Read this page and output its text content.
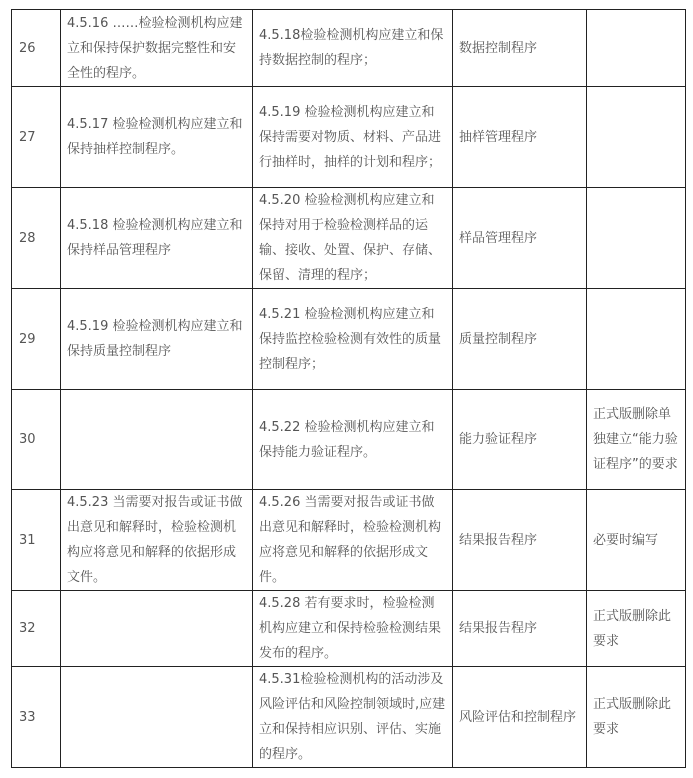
26	4.5.16 ……检验检测机构应建立和保持保护数据完整性和安全性的程序。	4.5.18检验检测机构应建立和保持数据控制的程序；	数据控制程序	
27	4.5.17 检验检测机构应建立和保持抽样控制程序。	4.5.19 检验检测机构应建立和保持需要对物质、材料、产品进行抽样时，抽样的计划和程序；	抽样管理程序	
28	4.5.18 检验检测机构应建立和保持样品管理程序	4.5.20 检验检测机构应建立和保持对用于检验检测样品的运输、接收、处置、保护、存储、保留、清理的程序；	样品管理程序	
29	4.5.19 检验检测机构应建立和保持质量控制程序	4.5.21 检验检测机构应建立和保持监控检验检测有效性的质量控制程序；	质量控制程序	
30		4.5.22 检验检测机构应建立和保持能力验证程序。	能力验证程序	正式版删除单独建立“能力验证程序”的要求
31	4.5.23 当需要对报告或证书做出意见和解释时，检验检测机构应将意见和解释的依据形成文件。	4.5.26 当需要对报告或证书做出意见和解释时，检验检测机构应将意见和解释的依据形成文件。	结果报告程序	必要时编写
32		4.5.28 若有要求时，检验检测机构应建立和保持检验检测结果发布的程序。	结果报告程序	正式版删除此要求
33		4.5.31检验检测机构的活动涉及风险评估和风险控制领域时,应建立和保持相应识别、评估、实施的程序。	风险评估和控制程序	正式版删除此要求
